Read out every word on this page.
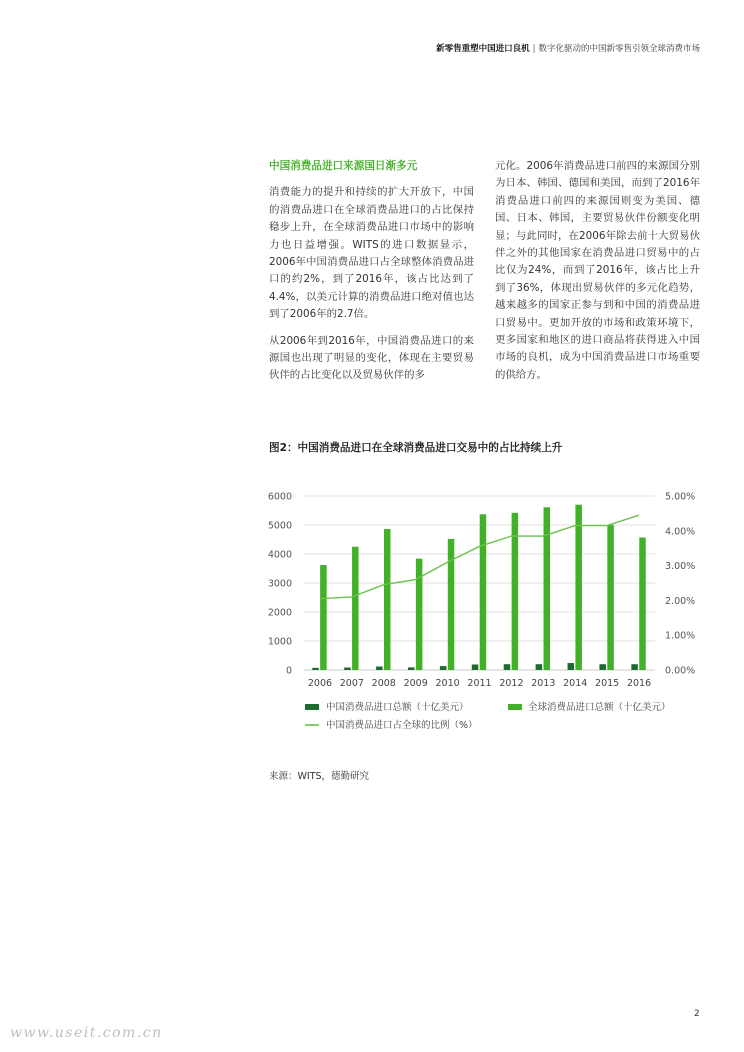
新零售重塑中国进口良机 | 数字化驱动的中国新零售引领全球消费市场

中国消费品进口来源国日渐多元

消费能力的提升和持续的扩大开放下，中国的消费品进口在全球消费品进口的占比保持稳步上升，在全球消费品进口市场中的影响力也日益增强。WITS的进口数据显示，2006年中国消费品进口占全球整体消费品进口的约2%，到了2016年，该占比达到了4.4%，以美元计算的消费品进口绝对值也达到了2006年的2.7倍。

从2006年到2016年，中国消费品进口的来源国也出现了明显的变化，体现在主要贸易伙伴的占比变化以及贸易伙伴的多

元化。2006年消费品进口前四的来源国分别为日本、韩国、德国和美国，而到了2016年消费品进口前四的来源国则变为美国、德国、日本、韩国，主要贸易伙伴份额变化明显；与此同时，在2006年除去前十大贸易伙伴之外的其他国家在消费品进口贸易中的占比仅为24%，而到了2016年，该占比上升到了36%，体现出贸易伙伴的多元化趋势，越来越多的国家正参与到和中国的消费品进口贸易中。更加开放的市场和政策环境下，更多国家和地区的进口商品将获得进入中国市场的良机，成为中国消费品进口市场重要的供给方。

图2：中国消费品进口在全球消费品进口交易中的占比持续上升
0
1000
2000
3000
4000
5000
6000
0.00%
1.00%
2.00%
3.00%
4.00%
5.00%
2006 2007 2008 2009 2010 2011 2012 2013 2014 2015 2016
中国消费品进口总额（十亿美元）	全球消费品进口总额（十亿美元）
中国消费品进口占全球的比例（%）
来源：WITS，德勤研究
2
www.useit.com.cn
